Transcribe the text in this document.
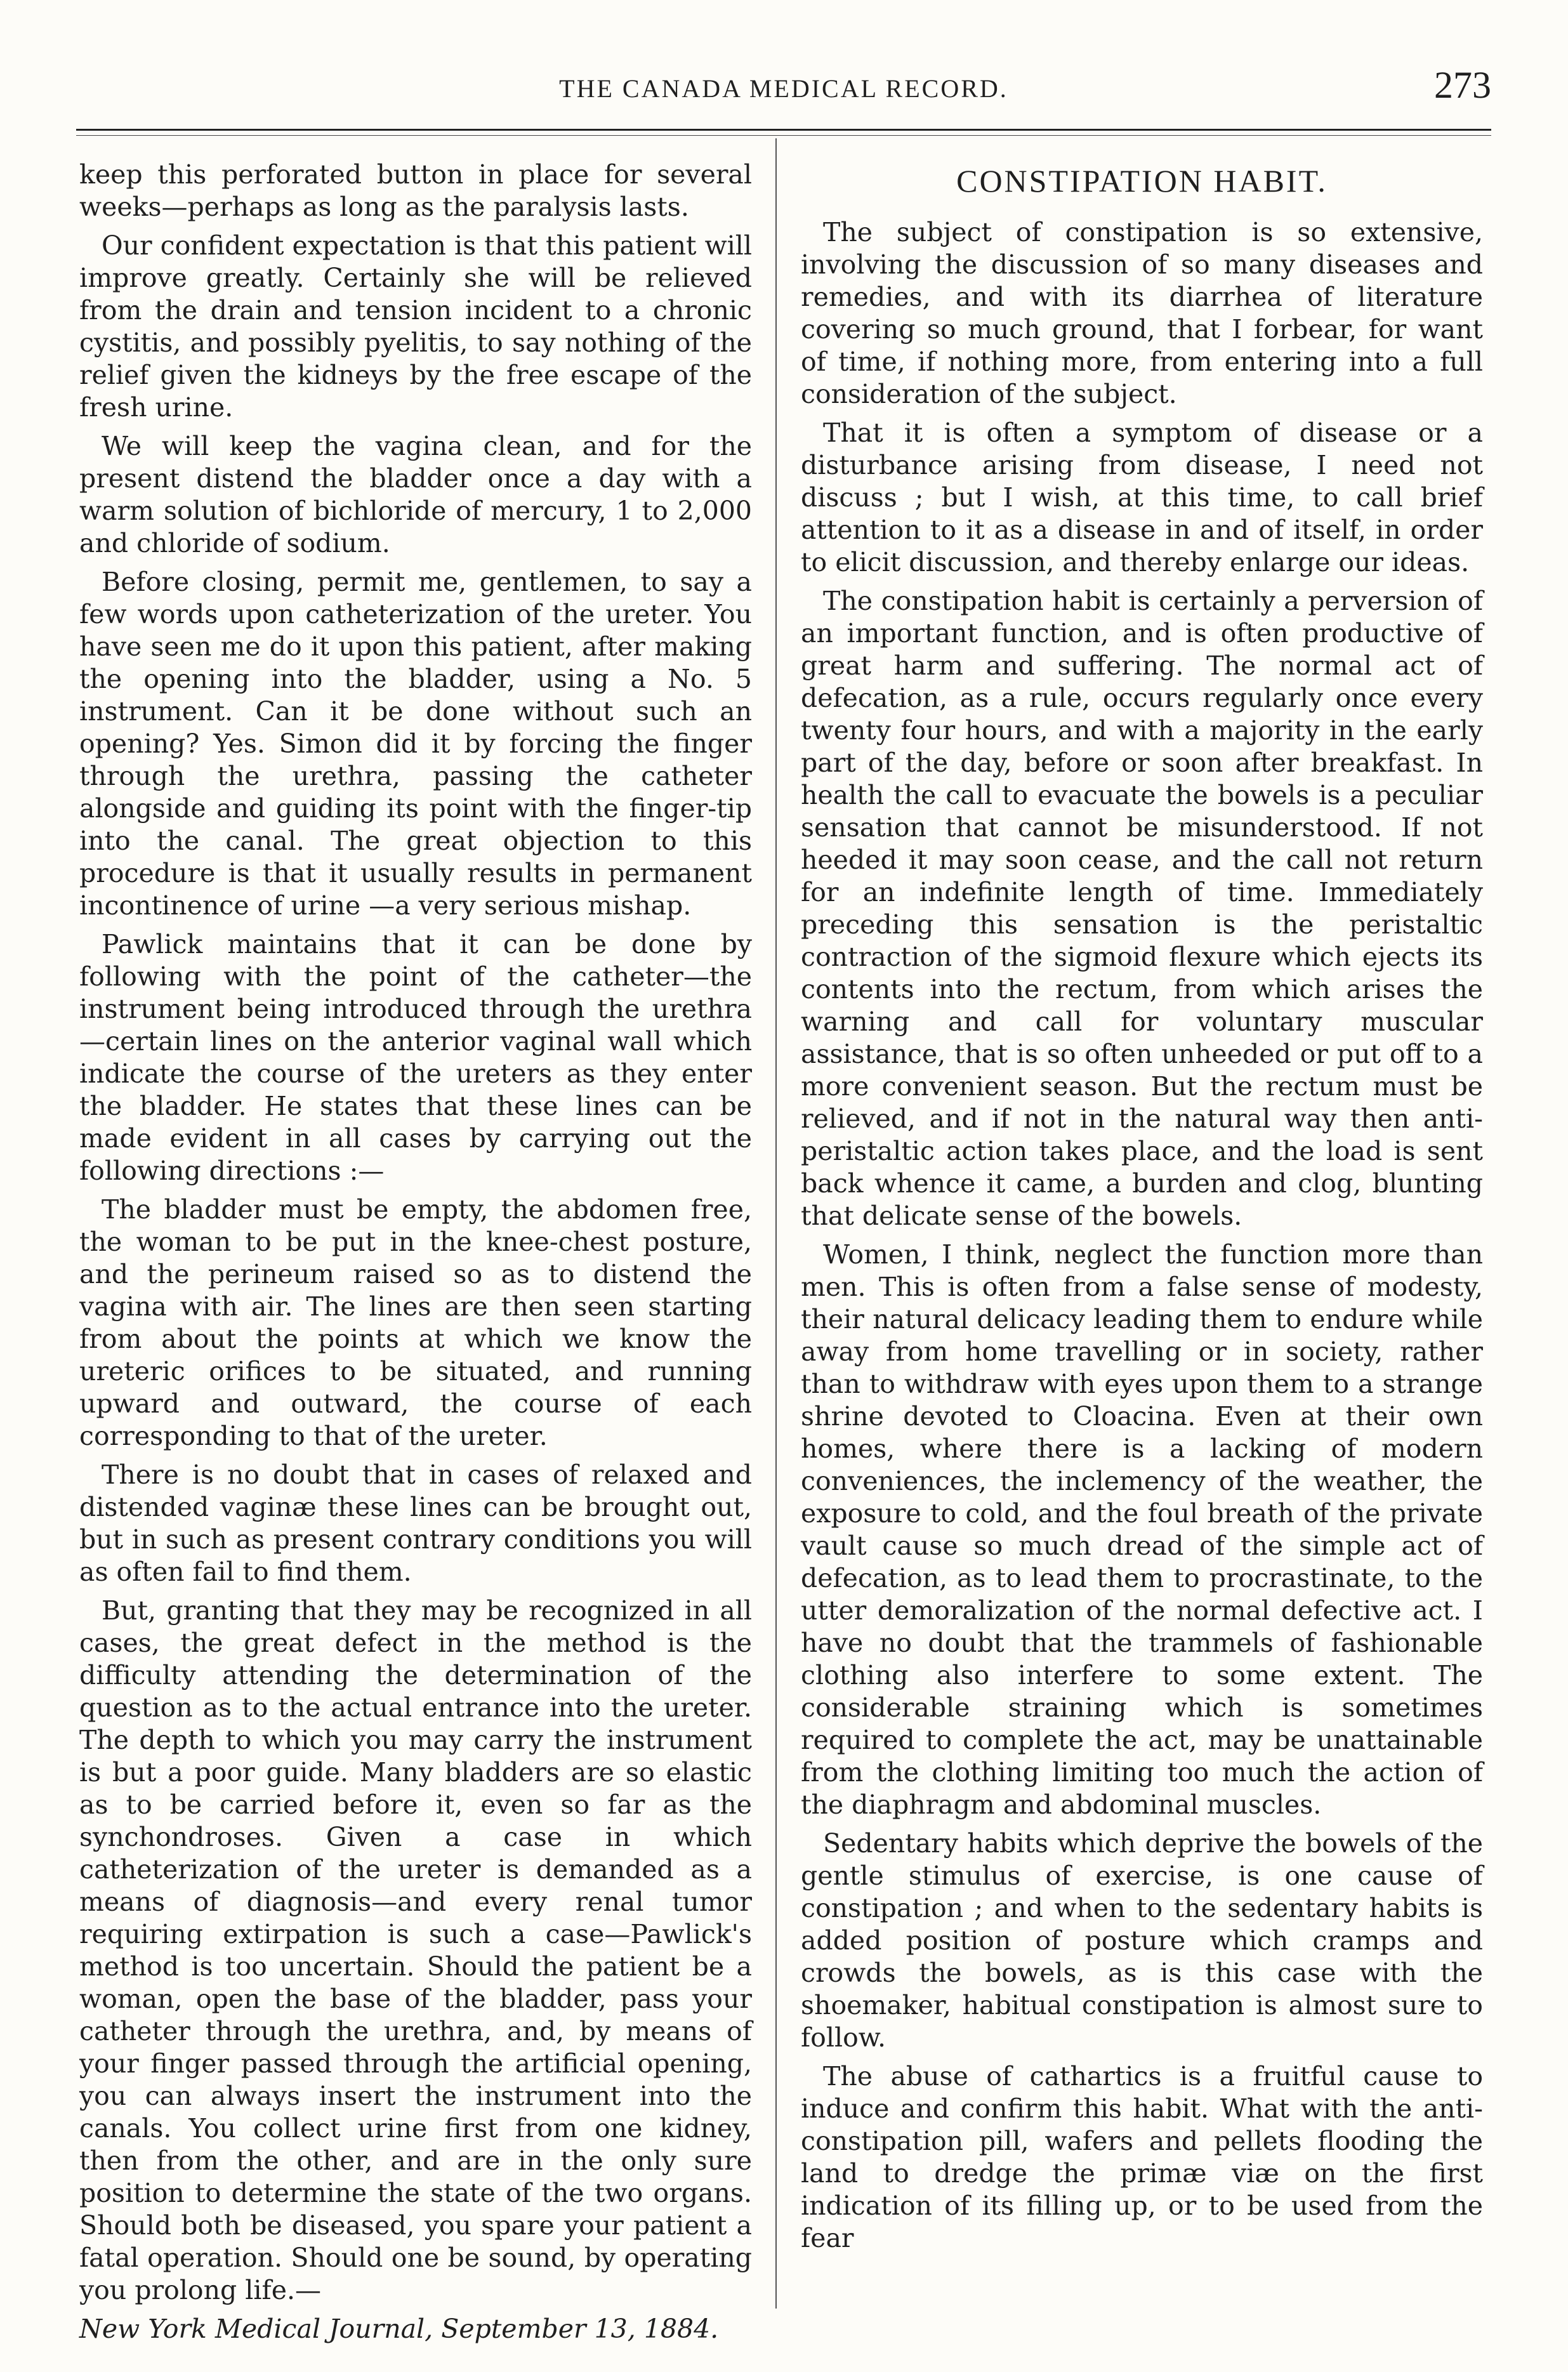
THE CANADA MEDICAL RECORD.	273

keep this perforated button in place for several weeks—perhaps as long as the paralysis lasts.

Our confident expectation is that this patient will improve greatly. Certainly she will be relieved from the drain and tension incident to a chronic cystitis, and possibly pyelitis, to say nothing of the relief given the kidneys by the free escape of the fresh urine.

We will keep the vagina clean, and for the present distend the bladder once a day with a warm solution of bichloride of mercury, 1 to 2,000 and chloride of sodium.

Before closing, permit me, gentlemen, to say a few words upon catheterization of the ureter. You have seen me do it upon this patient, after making the opening into the bladder, using a No. 5 instrument. Can it be done without such an opening? Yes. Simon did it by forcing the finger through the urethra, passing the catheter alongside and guiding its point with the finger-tip into the canal. The great objection to this procedure is that it usually results in permanent incontinence of urine —a very serious mishap.

Pawlick maintains that it can be done by following with the point of the catheter—the instrument being introduced through the urethra—certain lines on the anterior vaginal wall which indicate the course of the ureters as they enter the bladder. He states that these lines can be made evident in all cases by carrying out the following directions :—

The bladder must be empty, the abdomen free, the woman to be put in the knee-chest posture, and the perineum raised so as to distend the vagina with air. The lines are then seen starting from about the points at which we know the ureteric orifices to be situated, and running upward and outward, the course of each corresponding to that of the ureter.

There is no doubt that in cases of relaxed and distended vaginæ these lines can be brought out, but in such as present contrary conditions you will as often fail to find them.

But, granting that they may be recognized in all cases, the great defect in the method is the difficulty attending the determination of the question as to the actual entrance into the ureter. The depth to which you may carry the instrument is but a poor guide. Many bladders are so elastic as to be carried before it, even so far as the synchondroses. Given a case in which catheterization of the ureter is demanded as a means of diagnosis—and every renal tumor requiring extirpation is such a case—Pawlick's method is too uncertain. Should the patient be a woman, open the base of the bladder, pass your catheter through the urethra, and, by means of your finger passed through the artificial opening, you can always insert the instrument into the canals. You collect urine first from one kidney, then from the other, and are in the only sure position to determine the state of the two organs. Should both be diseased, you spare your patient a fatal operation. Should one be sound, by operating you prolong life.—

New York Medical Journal, September 13, 1884.

CONSTIPATION HABIT.

The subject of constipation is so extensive, involving the discussion of so many diseases and remedies, and with its diarrhea of literature covering so much ground, that I forbear, for want of time, if nothing more, from entering into a full consideration of the subject.

That it is often a symptom of disease or a disturbance arising from disease, I need not discuss ; but I wish, at this time, to call brief attention to it as a disease in and of itself, in order to elicit discussion, and thereby enlarge our ideas.

The constipation habit is certainly a perversion of an important function, and is often productive of great harm and suffering. The normal act of defecation, as a rule, occurs regularly once every twenty four hours, and with a majority in the early part of the day, before or soon after breakfast. In health the call to evacuate the bowels is a peculiar sensation that cannot be misunderstood. If not heeded it may soon cease, and the call not return for an indefinite length of time. Immediately preceding this sensation is the peristaltic contraction of the sigmoid flexure which ejects its contents into the rectum, from which arises the warning and call for voluntary muscular assistance, that is so often unheeded or put off to a more convenient season. But the rectum must be relieved, and if not in the natural way then anti-peristaltic action takes place, and the load is sent back whence it came, a burden and clog, blunting that delicate sense of the bowels.

Women, I think, neglect the function more than men. This is often from a false sense of modesty, their natural delicacy leading them to endure while away from home travelling or in society, rather than to withdraw with eyes upon them to a strange shrine devoted to Cloacina. Even at their own homes, where there is a lacking of modern conveniences, the inclemency of the weather, the exposure to cold, and the foul breath of the private vault cause so much dread of the simple act of defecation, as to lead them to procrastinate, to the utter demoralization of the normal defective act. I have no doubt that the trammels of fashionable clothing also interfere to some extent. The considerable straining which is sometimes required to complete the act, may be unattainable from the clothing limiting too much the action of the diaphragm and abdominal muscles.

Sedentary habits which deprive the bowels of the gentle stimulus of exercise, is one cause of constipation ; and when to the sedentary habits is added position of posture which cramps and crowds the bowels, as is this case with the shoemaker, habitual constipation is almost sure to follow.

The abuse of cathartics is a fruitful cause to induce and confirm this habit. What with the anti-constipation pill, wafers and pellets flooding the land to dredge the primæ viæ on the first indication of its filling up, or to be used from the fear
